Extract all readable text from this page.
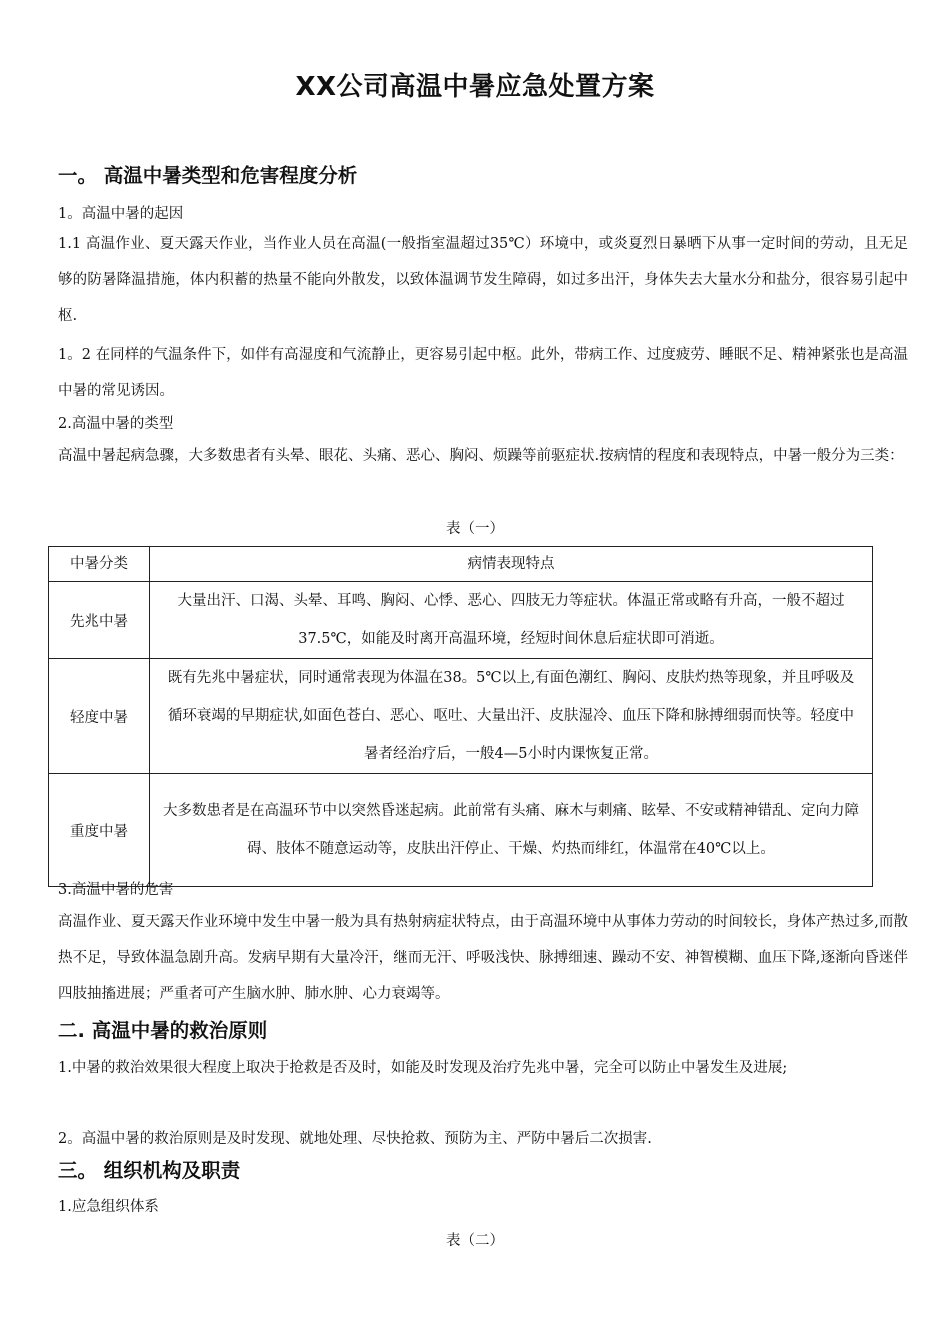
XX公司高温中暑应急处置方案
一。 高温中暑类型和危害程度分析
1。高温中暑的起因
1.1 高温作业、夏天露天作业，当作业人员在高温(一般指室温超过35℃）环境中，或炎夏烈日暴晒下从事一定时间的劳动，且无足够的防暑降温措施，体内积蓄的热量不能向外散发，以致体温调节发生障碍，如过多出汗，身体失去大量水分和盐分，很容易引起中枢.
1。2 在同样的气温条件下，如伴有高湿度和气流静止，更容易引起中枢。此外，带病工作、过度疲劳、睡眠不足、精神紧张也是高温中暑的常见诱因。
2.高温中暑的类型
高温中暑起病急骤，大多数患者有头晕、眼花、头痛、恶心、胸闷、烦躁等前驱症状.按病情的程度和表现特点，中暑一般分为三类：
表（一）
中暑分类	病情表现特点
先兆中暑	大量出汗、口渴、头晕、耳鸣、胸闷、心悸、恶心、四肢无力等症状。体温正常或略有升高，一般不超过37.5℃，如能及时离开高温环境，经短时间休息后症状即可消逝。
轻度中暑	既有先兆中暑症状，同时通常表现为体温在38。5℃以上,有面色潮红、胸闷、皮肤灼热等现象，并且呼吸及循环衰竭的早期症状,如面色苍白、恶心、呕吐、大量出汗、皮肤湿冷、血压下降和脉搏细弱而快等。轻度中暑者经治疗后，一般4—5小时内课恢复正常。
重度中暑	大多数患者是在高温环节中以突然昏迷起病。此前常有头痛、麻木与刺痛、眩晕、不安或精神错乱、定向力障碍、肢体不随意运动等，皮肤出汗停止、干燥、灼热而绯红，体温常在40℃以上。
3.高温中暑的危害
高温作业、夏天露天作业环境中发生中暑一般为具有热射病症状特点，由于高温环境中从事体力劳动的时间较长，身体产热过多,而散热不足，导致体温急剧升高。发病早期有大量冷汗，继而无汗、呼吸浅快、脉搏细速、躁动不安、神智模糊、血压下降,逐渐向昏迷伴四肢抽搐进展；严重者可产生脑水肿、肺水肿、心力衰竭等。
二. 高温中暑的救治原则
1.中暑的救治效果很大程度上取决于抢救是否及时，如能及时发现及治疗先兆中暑，完全可以防止中暑发生及进展;
2。高温中暑的救治原则是及时发现、就地处理、尽快抢救、预防为主、严防中暑后二次损害.
三。 组织机构及职责
1.应急组织体系
表（二）
